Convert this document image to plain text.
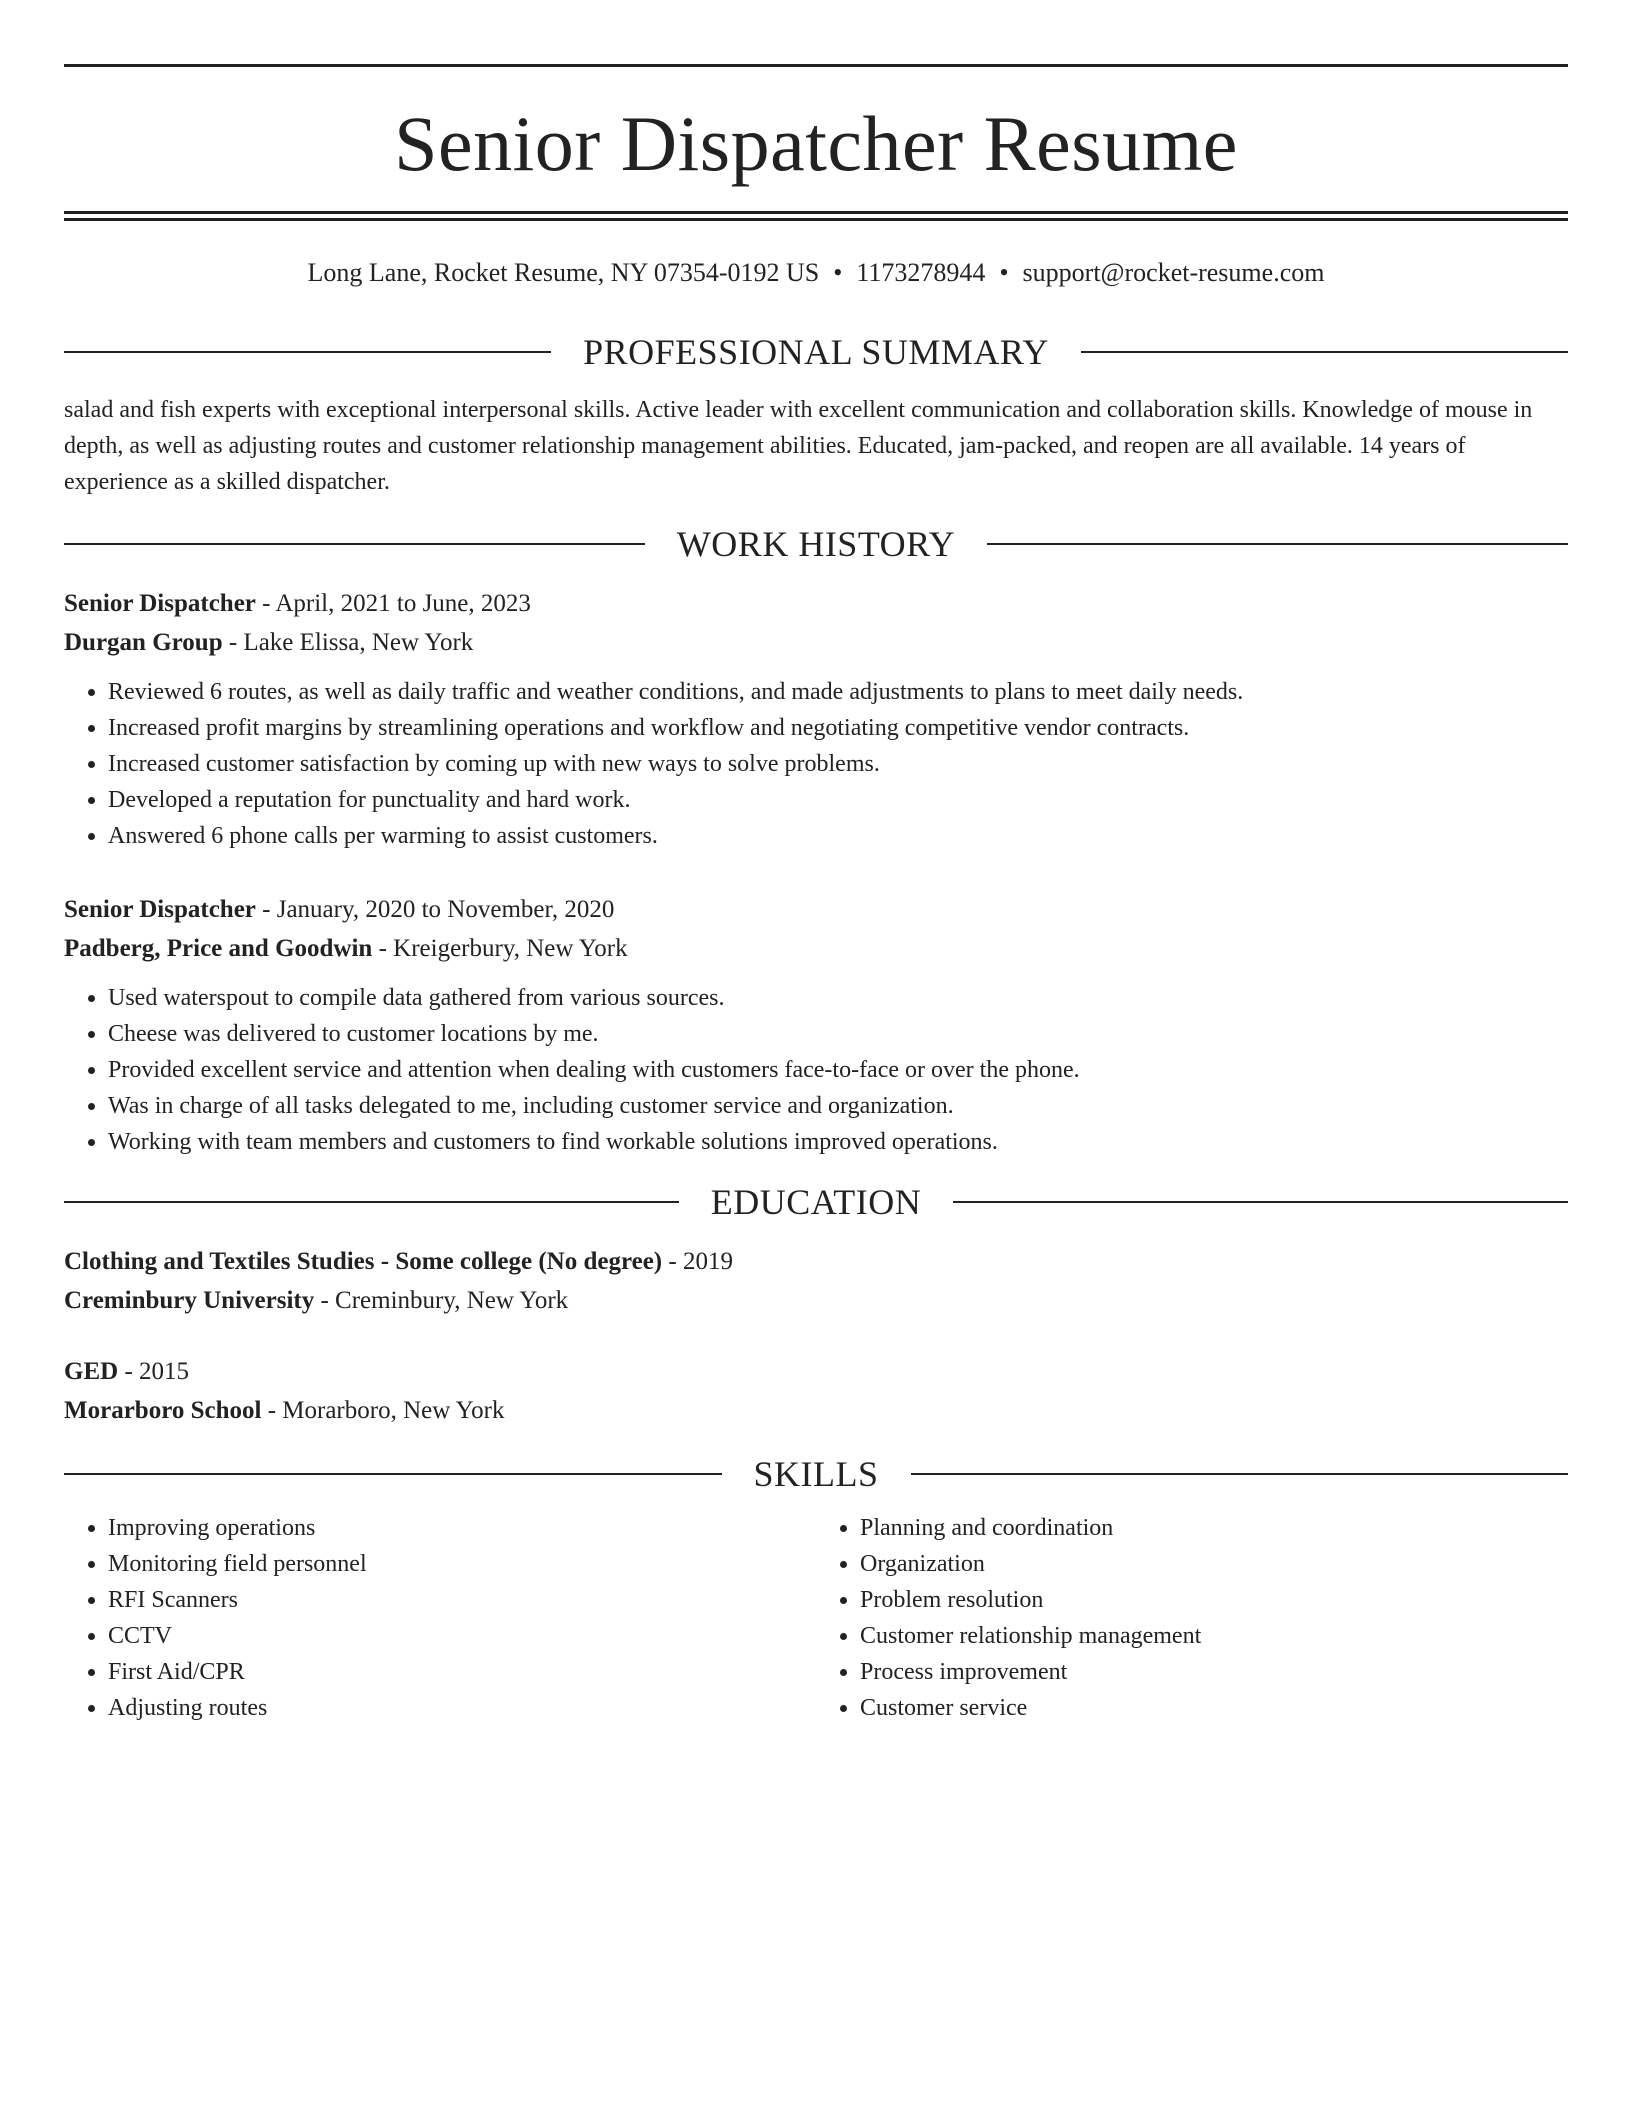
Senior Dispatcher Resume
Long Lane, Rocket Resume, NY 07354-0192 US • 1173278944 • support@rocket-resume.com
PROFESSIONAL SUMMARY

salad and fish experts with exceptional interpersonal skills. Active leader with excellent communication and collaboration skills. Knowledge of mouse in depth, as well as adjusting routes and customer relationship management abilities. Educated, jam-packed, and reopen are all available. 14 years of experience as a skilled dispatcher.

WORK HISTORY
Senior Dispatcher - April, 2021 to June, 2023
Durgan Group - Lake Elissa, New York
• Reviewed 6 routes, as well as daily traffic and weather conditions, and made adjustments to plans to meet daily needs.
• Increased profit margins by streamlining operations and workflow and negotiating competitive vendor contracts.
• Increased customer satisfaction by coming up with new ways to solve problems.
• Developed a reputation for punctuality and hard work.
• Answered 6 phone calls per warming to assist customers.
Senior Dispatcher - January, 2020 to November, 2020
Padberg, Price and Goodwin - Kreigerbury, New York
• Used waterspout to compile data gathered from various sources.
• Cheese was delivered to customer locations by me.
• Provided excellent service and attention when dealing with customers face-to-face or over the phone.
• Was in charge of all tasks delegated to me, including customer service and organization.
• Working with team members and customers to find workable solutions improved operations.
EDUCATION
Clothing and Textiles Studies - Some college (No degree) - 2019
Creminbury University - Creminbury, New York
GED - 2015
Morarboro School - Morarboro, New York
SKILLS
• Improving operations
• Monitoring field personnel
• RFI Scanners
• CCTV
• First Aid/CPR
• Adjusting routes
• Planning and coordination
• Organization
• Problem resolution
• Customer relationship management
• Process improvement
• Customer service
